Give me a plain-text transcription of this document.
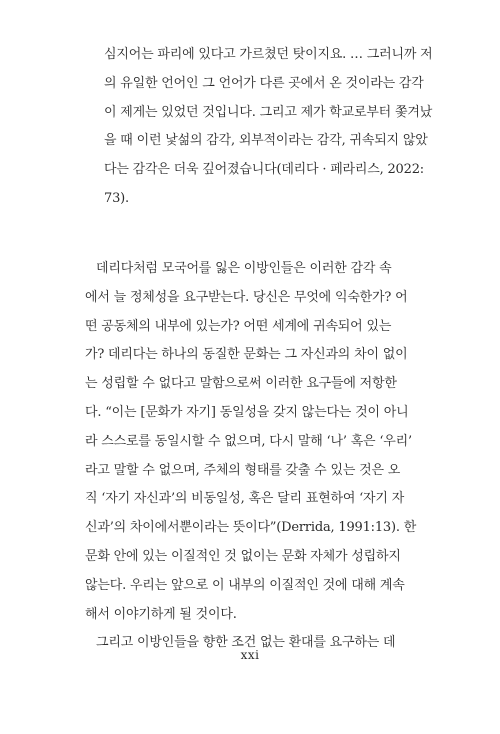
심지어는 파리에 있다고 가르쳤던 탓이지요. … 그러니까 저
의 유일한 언어인 그 언어가 다른 곳에서 온 것이라는 감각
이 제게는 있었던 것입니다. 그리고 제가 학교로부터 쫓겨났
을 때 이런 낯섦의 감각, 외부적이라는 감각, 귀속되지 않았
다는 감각은 더욱 깊어졌습니다(데리다 · 페라리스, 2022:
73).
데리다처럼 모국어를 잃은 이방인들은 이러한 감각 속
에서 늘 정체성을 요구받는다. 당신은 무엇에 익숙한가? 어
떤 공동체의 내부에 있는가? 어떤 세계에 귀속되어 있는
가? 데리다는 하나의 동질한 문화는 그 자신과의 차이 없이
는 성립할 수 없다고 말함으로써 이러한 요구들에 저항한
다. “이는 [문화가 자기] 동일성을 갖지 않는다는 것이 아니
라 스스로를 동일시할 수 없으며, 다시 말해 ‘나’ 혹은 ‘우리’
라고 말할 수 없으며, 주체의 형태를 갖출 수 있는 것은 오
직 ‘자기 자신과’의 비동일성, 혹은 달리 표현하여 ‘자기 자
신과’의 차이에서뿐이라는 뜻이다”(Derrida, 1991:13). 한
문화 안에 있는 이질적인 것 없이는 문화 자체가 성립하지
않는다. 우리는 앞으로 이 내부의 이질적인 것에 대해 계속
해서 이야기하게 될 것이다.
그리고 이방인들을 향한 조건 없는 환대를 요구하는 데
xxi
